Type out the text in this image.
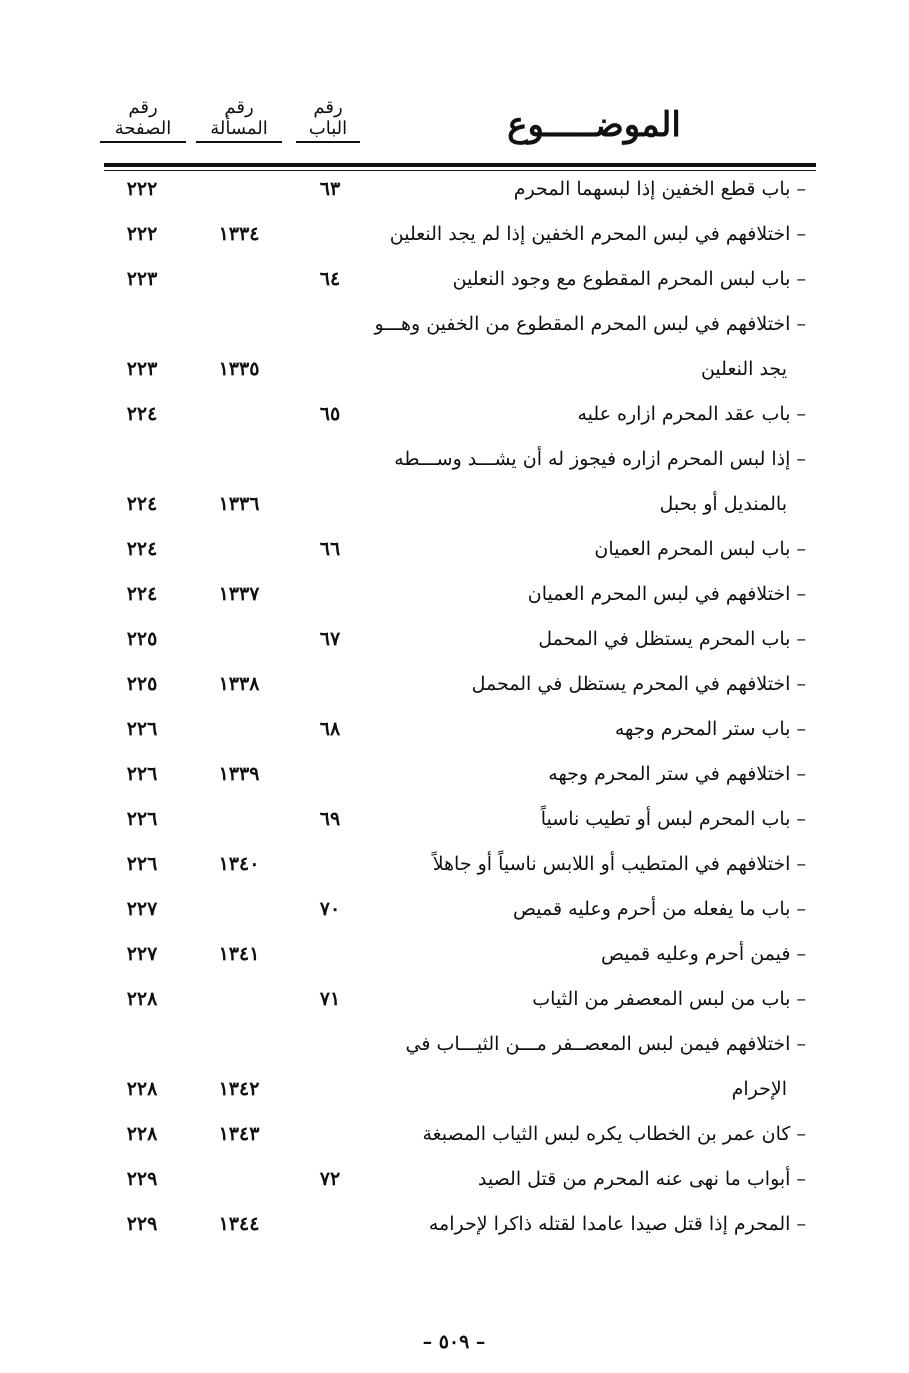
الموضـــــوع
رقم
الباب
رقم
المسألة
رقم
الصفحة
– باب قطع الخفين إذا لبسهما المحرم
٦٣
٢٢٢
– اختلافهم في لبس المحرم الخفين إذا لم يجد النعلين
١٣٣٤
٢٢٢
– باب لبس المحرم المقطوع مع وجود النعلين
٦٤
٢٢٣
– اختلافهم في لبس المحرم المقطوع من الخفين وهـــو
يجد النعلين
١٣٣٥
٢٢٣
– باب عقد المحرم ازاره عليه
٦٥
٢٢٤
– إذا لبس المحرم ازاره فيجوز له أن يشـــد وســـطه
بالمنديل أو بحبل
١٣٣٦
٢٢٤
– باب لبس المحرم العميان
٦٦
٢٢٤
– اختلافهم في لبس المحرم العميان
١٣٣٧
٢٢٤
– باب المحرم يستظل في المحمل
٦٧
٢٢٥
– اختلافهم في المحرم يستظل في المحمل
١٣٣٨
٢٢٥
– باب ستر المحرم وجهه
٦٨
٢٢٦
– اختلافهم في ستر المحرم وجهه
١٣٣٩
٢٢٦
– باب المحرم لبس أو تطيب ناسياً
٦٩
٢٢٦
– اختلافهم في المتطيب أو اللابس ناسياً أو جاهلاً
١٣٤٠
٢٢٦
– باب ما يفعله من أحرم وعليه قميص
٧٠
٢٢٧
– فيمن أحرم وعليه قميص
١٣٤١
٢٢٧
– باب من لبس المعصفر من الثياب
٧١
٢٢٨
– اختلافهم فيمن لبس المعصــفر مـــن الثيـــاب في
الإحرام
١٣٤٢
٢٢٨
– كان عمر بن الخطاب يكره لبس الثياب المصبغة
١٣٤٣
٢٢٨
– أبواب ما نهى عنه المحرم من قتل الصيد
٧٢
٢٢٩
– المحرم إذا قتل صيدا عامدا لقتله ذاكرا لإحرامه
١٣٤٤
٢٢٩
– ٥٠٩ –
